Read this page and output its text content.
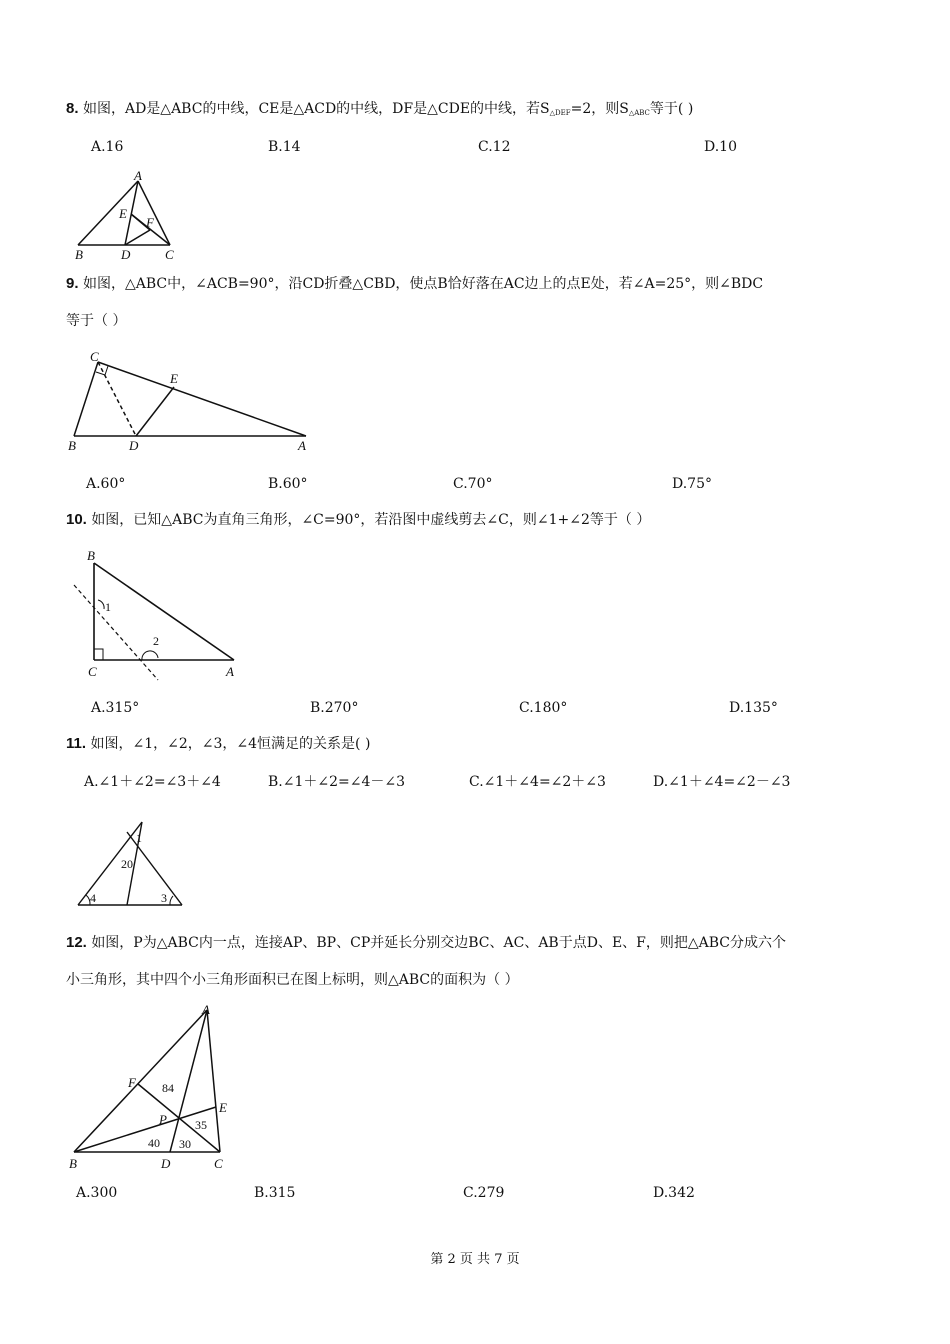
8. 如图，AD是△ABC的中线，CE是△ACD的中线，DF是△CDE的中线，若$S_{\triangle DEF}=2$，则$S_{\triangle ABC}$等于( )
A.16	B.14	C.12	D.10
A
E
F
B	D	C
9. 如图，△ABC中，∠ACB=90°，沿CD折叠△CBD，使点B恰好落在AC边上的点E处，若∠A=25°，则∠BDC
等于（ ）
C
E
B	D	A
A.60°	B.60°	C.70°	D.75°
10. 如图，已知△ABC为直角三角形，∠C=90°，若沿图中虚线剪去∠C，则∠1+∠2等于（ ）
B
1
2
C	A
A.315°	B.270°	C.180°	D.135°
11. 如图，∠1，∠2，∠3，∠4恒满足的关系是( )
A.∠1＋∠2=∠3＋∠4	B.∠1＋∠2=∠4－∠3	C.∠1＋∠4=∠2＋∠3	D.∠1＋∠4=∠2－∠3
1
20
4	3
12. 如图，P为△ABC内一点，连接AP、BP、CP并延长分别交边BC、AC、AB于点D、E、F，则把△ABC分成六个
小三角形，其中四个小三角形面积已在图上标明，则△ABC的面积为（ ）
A
F 84
E
P 35
40 30
B	D	C
A.300	B.315	C.279	D.342
第 2 页 共 7 页
